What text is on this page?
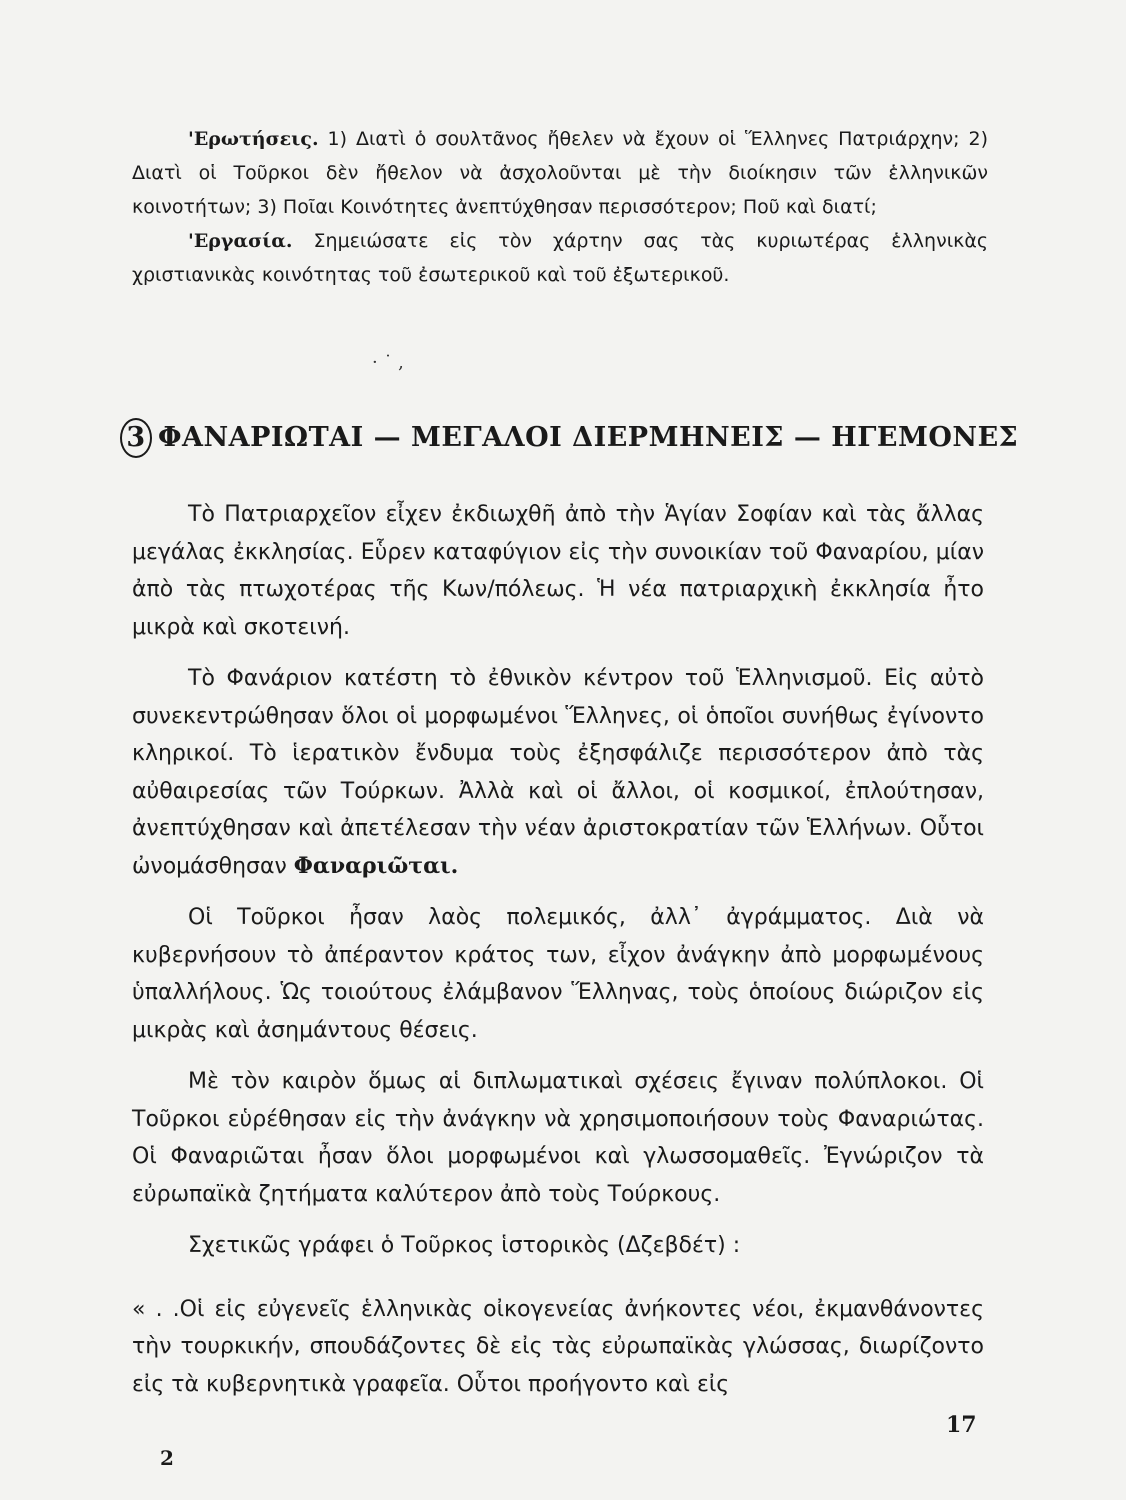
'Ερωτήσεις. 1) Διατὶ ὁ σουλτᾶνος ἤθελεν νὰ ἔχουν οἱ Ἕλληνες Πατριάρχην; 2) Διατὶ οἱ Τοῦρκοι δὲν ἤθελον νὰ ἀσχολοῦνται μὲ τὴν διοίκησιν τῶν ἑλληνικῶν κοινοτήτων; 3) Ποῖαι Κοινότητες ἀνεπτύχθησαν περισσότερον; Ποῦ καὶ διατί;

'Εργασία. Σημειώσατε εἰς τὸν χάρτην σας τὰς κυριωτέρας ἑλληνικὰς χριστιανικὰς κοινότητας τοῦ ἐσωτερικοῦ καὶ τοῦ ἐξωτερικοῦ.

· ˙ ,
3 ΦΑΝΑΡΙΩΤΑΙ — ΜΕΓΑΛΟΙ ΔΙΕΡΜΗΝΕΙΣ — ΗΓΕΜΟΝΕΣ

Τὸ Πατριαρχεῖον εἶχεν ἐκδιωχθῆ ἀπὸ τὴν Ἁγίαν Σοφίαν καὶ τὰς ἄλλας μεγάλας ἐκκλησίας. Εὗρεν καταφύγιον εἰς τὴν συνοικίαν τοῦ Φαναρίου, μίαν ἀπὸ τὰς πτωχοτέρας τῆς Κων/πόλεως. Ἡ νέα πατριαρχικὴ ἐκκλησία ἦτο μικρὰ καὶ σκοτεινή.

Τὸ Φανάριον κατέστη τὸ ἐθνικὸν κέντρον τοῦ Ἑλληνισμοῦ. Εἰς αὐτὸ συνεκεντρώθησαν ὅλοι οἱ μορφωμένοι Ἕλληνες, οἱ ὁποῖοι συνήθως ἐγίνοντο κληρικοί. Τὸ ἱερατικὸν ἔνδυμα τοὺς ἐξησφάλιζε περισσότερον ἀπὸ τὰς αὐθαιρεσίας τῶν Τούρκων. Ἀλλὰ καὶ οἱ ἄλλοι, οἱ κοσμικοί, ἐπλούτησαν, ἀνεπτύχθησαν καὶ ἀπετέλεσαν τὴν νέαν ἀριστοκρατίαν τῶν Ἑλλήνων. Οὗτοι ὠνομάσθησαν Φαναριῶται.

Οἱ Τοῦρκοι ἦσαν λαὸς πολεμικός, ἀλλ᾽ ἀγράμματος. Διὰ νὰ κυβερνήσουν τὸ ἀπέραντον κράτος των, εἶχον ἀνάγκην ἀπὸ μορφωμένους ὑπαλλήλους. Ὡς τοιούτους ἐλάμβανον Ἕλληνας, τοὺς ὁποίους διώριζον εἰς μικρὰς καὶ ἀσημάντους θέσεις.

Μὲ τὸν καιρὸν ὅμως αἱ διπλωματικαὶ σχέσεις ἔγιναν πολύπλοκοι. Οἱ Τοῦρκοι εὑρέθησαν εἰς τὴν ἀνάγκην νὰ χρησιμοποιήσουν τοὺς Φαναριώτας. Οἱ Φαναριῶται ἦσαν ὅλοι μορφωμένοι καὶ γλωσσομαθεῖς. Ἐγνώριζον τὰ εὐρωπαϊκὰ ζητήματα καλύτερον ἀπὸ τοὺς Τούρκους.

Σχετικῶς γράφει ὁ Τοῦρκος ἱστορικὸς (Δζεβδέτ) :

« . .Οἱ εἰς εὐγενεῖς ἑλληνικὰς οἰκογενείας ἀνήκοντες νέοι, ἐκμανθάνοντες τὴν τουρκικήν, σπουδάζοντες δὲ εἰς τὰς εὐρωπαϊκὰς γλώσσας, διωρίζοντο εἰς τὰ κυβερνητικὰ γραφεῖα. Οὗτοι προήγοντο καὶ εἰς

2
17
